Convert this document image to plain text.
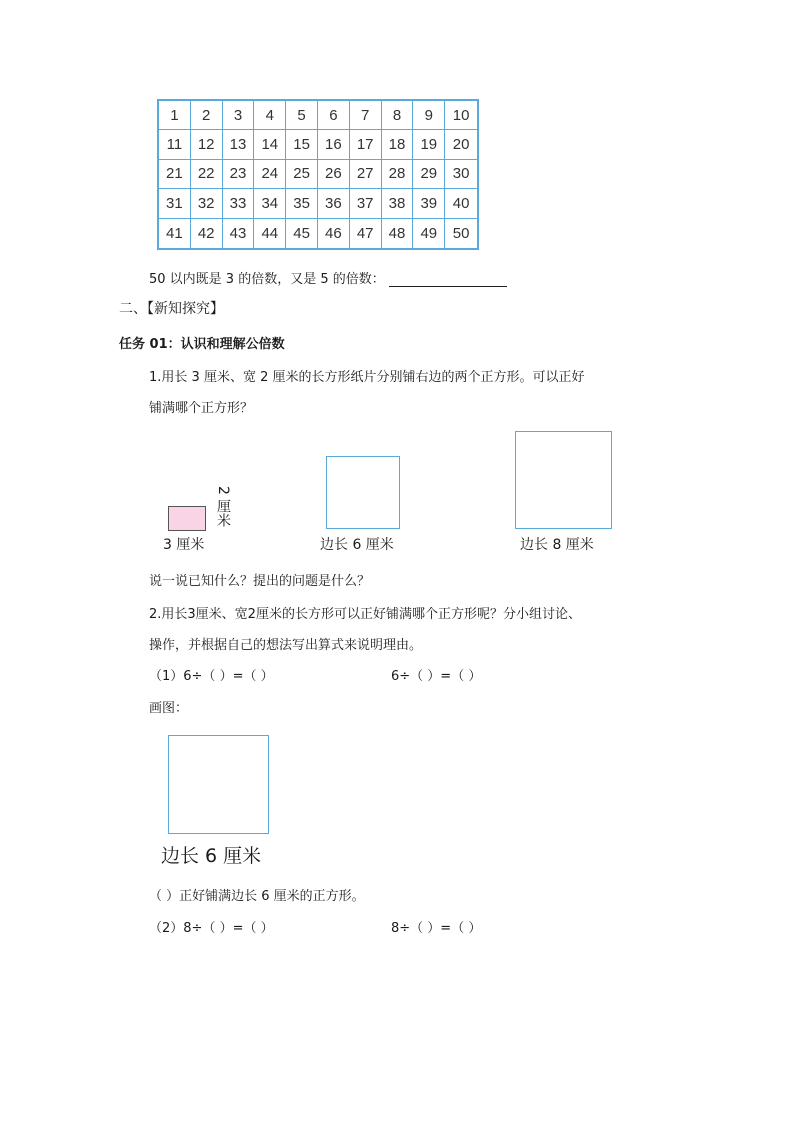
1	2	3	4	5	6	7	8	9	10
11	12	13	14	15	16	17	18	19	20
21	22	23	24	25	26	27	28	29	30
31	32	33	34	35	36	37	38	39	40
41	42	43	44	45	46	47	48	49	50
50 以内既是 3 的倍数，又是 5 的倍数：
二、【新知探究】
任务 01：认识和理解公倍数
1.用长 3 厘米、宽 2 厘米的长方形纸片分别铺右边的两个正方形。可以正好
铺满哪个正方形？
2 厘米
3 厘米	边长 6 厘米	边长 8 厘米
说一说已知什么？提出的问题是什么？
2.用长3厘米、宽2厘米的长方形可以正好铺满哪个正方形呢？分小组讨论、
操作，并根据自己的想法写出算式来说明理由。
（1）6÷（ ）=（ ）	6÷（ ）=（ ）
画图：
边长 6 厘米
（ ）正好铺满边长 6 厘米的正方形。
（2）8÷（ ）=（ ）	8÷（ ）=（ ）
